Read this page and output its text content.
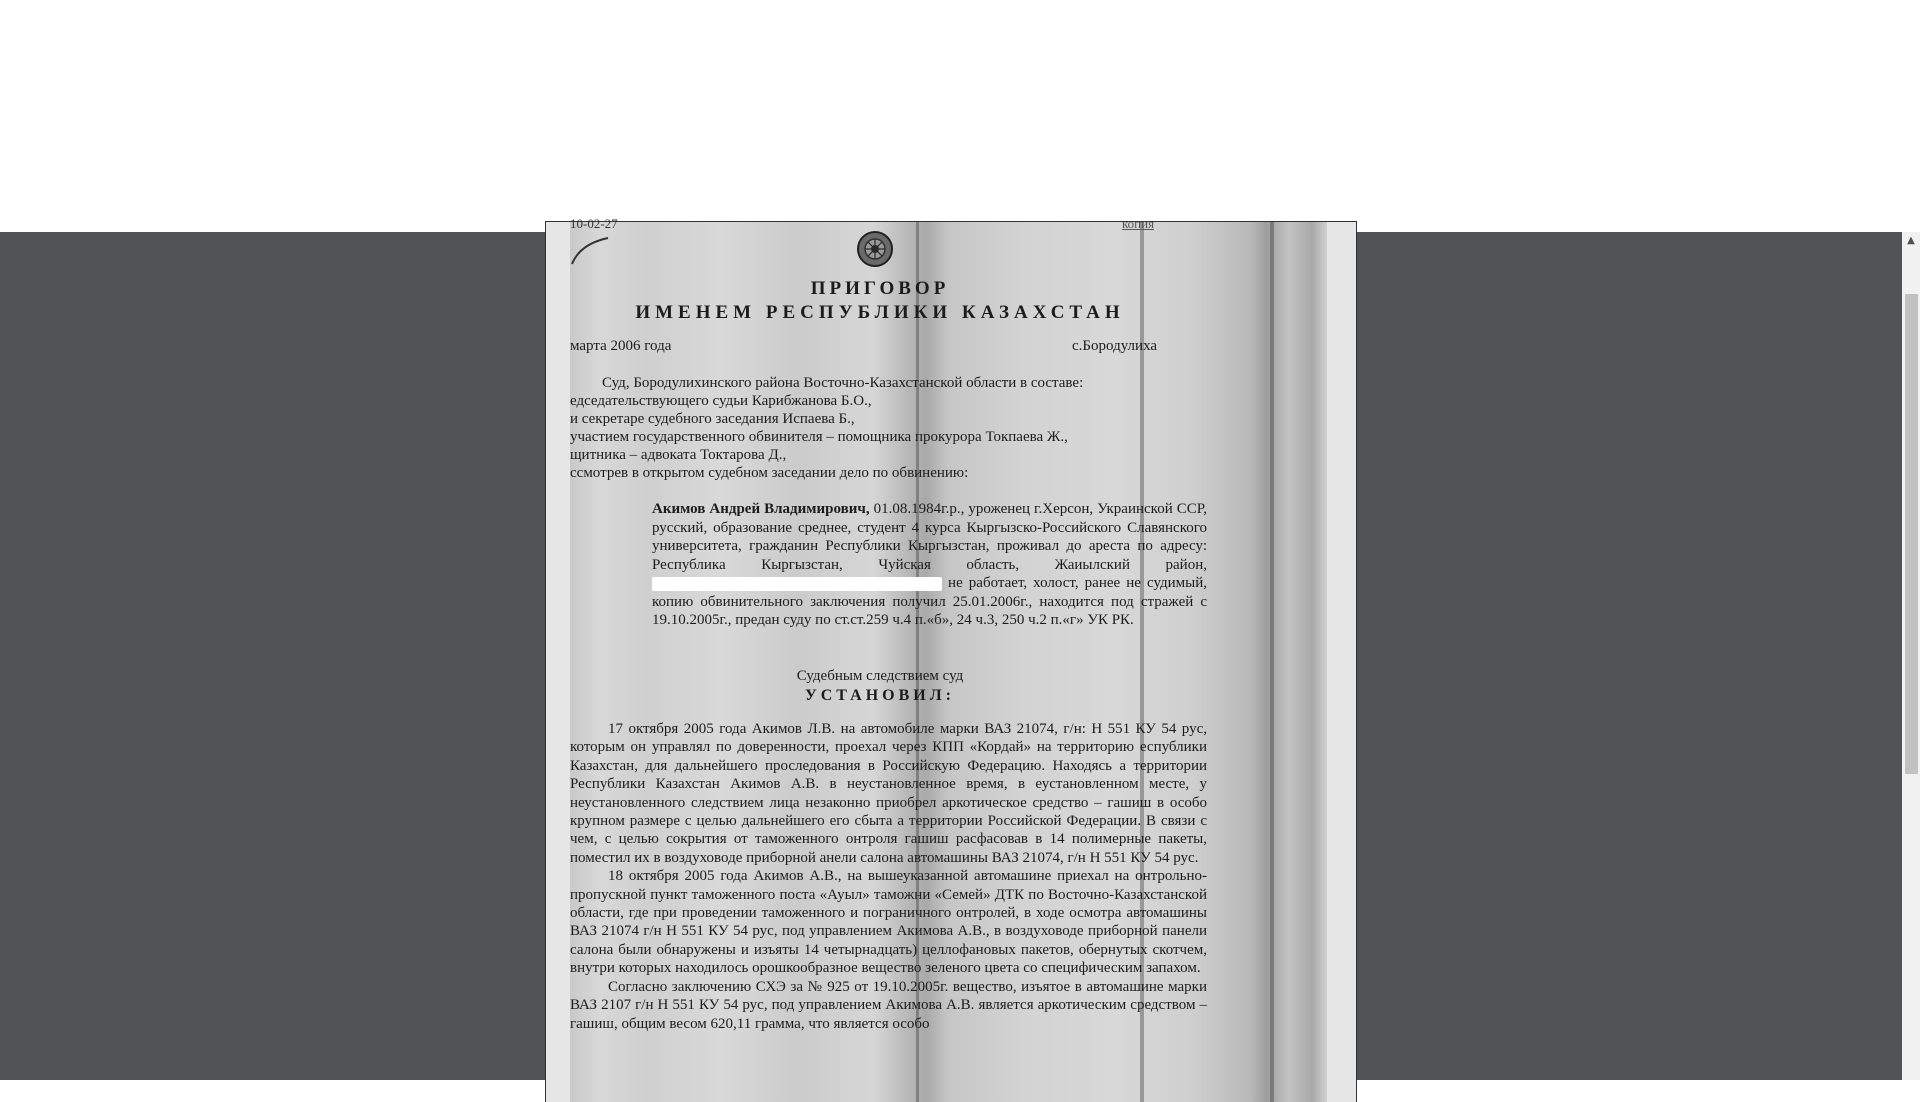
10-02-27	копия
ПРИГОВОР
ИМЕНЕМ РЕСПУБЛИКИ КАЗАХСТАН
марта 2006 года	с.Бородулиха
Суд, Бородулихинского района Восточно-Казахстанской области в составе:
едседательствующего судьи Карибжанова Б.О.,
и секретаре судебного заседания Испаева Б.,
участием государственного обвинителя – помощника прокурора Токпаева Ж.,
щитника – адвоката Токтарова Д.,
ссмотрев в открытом судебном заседании дело по обвинению:
Акимов Андрей Владимирович, 01.08.1984г.р., уроженец г.Херсон, Украинской ССР, русский, образование среднее, студент 4 курса Кыргызско-Российского Славянского университета, гражданин Республики Кыргызстан, проживал до ареста по адресу: Республика Кыргызстан, Чуйская область, Жаиылский район,  не работает, холост, ранее не судимый, копию обвинительного заключения получил 25.01.2006г., находится под стражей с 19.10.2005г., предан суду по ст.ст.259 ч.4 п.«б», 24 ч.3, 250 ч.2 п.«г» УК РК.
Судебным следствием суд
УСТАНОВИЛ:

17 октября 2005 года Акимов Л.В. на автомобиле марки ВАЗ 21074, г/н: Н 551 КУ 54 рус, которым он управлял по доверенности, проехал через КПП «Кордай» на территорию еспублики Казахстан, для дальнейшего проследования в Российскую Федерацию. Находясь а территории Республики Казахстан Акимов А.В. в неустановленное время, в еустановленном месте, у неустановленного следствием лица незаконно приобрел аркотическое средство – гашиш в особо крупном размере с целью дальнейшего его сбыта а территории Российской Федерации. В связи с чем, с целью сокрытия от таможенного онтроля гашиш расфасовав в 14 полимерные пакеты, поместил их в воздуховоде приборной анели салона автомашины ВАЗ 21074, г/н Н 551 КУ 54 рус.

18 октября 2005 года Акимов А.В., на вышеуказанной автомашине приехал на онтрольно-пропускной пункт таможенного поста «Ауыл» таможни «Семей» ДТК по Восточно-Казахстанской области, где при проведении таможенного и пограничного онтролей, в ходе осмотра автомашины ВАЗ 21074 г/н Н 551 КУ 54 рус, под управлением Акимова А.В., в воздуховоде приборной панели салона были обнаружены и изъяты 14 четырнадцать) целлофановых пакетов, обернутых скотчем, внутри которых находилось орошкообразное вещество зеленого цвета со специфическим запахом.

Согласно заключению СХЭ за № 925 от 19.10.2005г. вещество, изъятое в автомашине марки ВАЗ 2107 г/н Н 551 КУ 54 рус, под управлением Акимова А.В. является аркотическим средством – гашиш, общим весом 620,11 грамма, что является особо

▲
